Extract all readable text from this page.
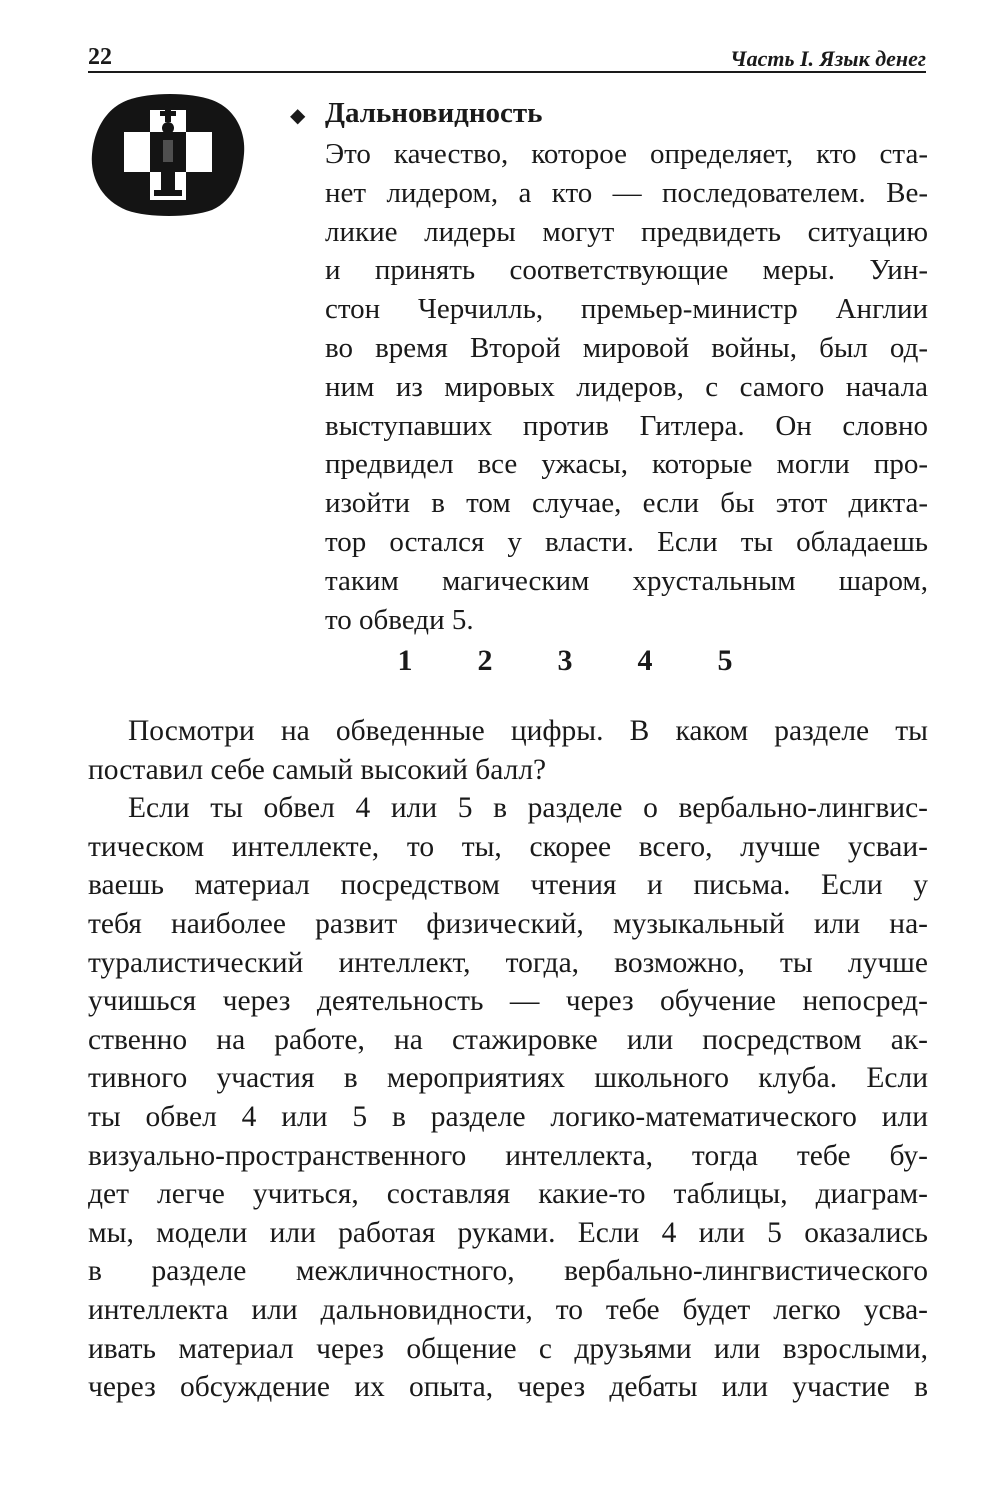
22	Часть I. Язык денег
◆ Дальновидность
Это качество, которое определяет, кто ста-
нет лидером, а кто — последователем. Ве-
ликие лидеры могут предвидеть ситуацию
и принять соответствующие меры. Уин-
стон Черчилль, премьер-министр Англии
во время Второй мировой войны, был од-
ним из мировых лидеров, с самого начала
выступавших против Гитлера. Он словно
предвидел все ужасы, которые могли про-
изойти в том случае, если бы этот дикта-
тор остался у власти. Если ты обладаешь
таким магическим хрустальным шаром,
то обведи 5.
1	2	3	4	5
Посмотри на обведенные цифры. В каком разделе ты
поставил себе самый высокий балл?
Если ты обвел 4 или 5 в разделе о вербально-лингвис-
тическом интеллекте, то ты, скорее всего, лучше усваи-
ваешь материал посредством чтения и письма. Если у
тебя наиболее развит физический, музыкальный или на-
туралистический интеллект, тогда, возможно, ты лучше
учишься через деятельность — через обучение непосред-
ственно на работе, на стажировке или посредством ак-
тивного участия в мероприятиях школьного клуба. Если
ты обвел 4 или 5 в разделе логико-математического или
визуально-пространственного интеллекта, тогда тебе бу-
дет легче учиться, составляя какие-то таблицы, диаграм-
мы, модели или работая руками. Если 4 или 5 оказались
в разделе межличностного, вербально-лингвистического
интеллекта или дальновидности, то тебе будет легко усва-
ивать материал через общение с друзьями или взрослыми,
через обсуждение их опыта, через дебаты или участие в
